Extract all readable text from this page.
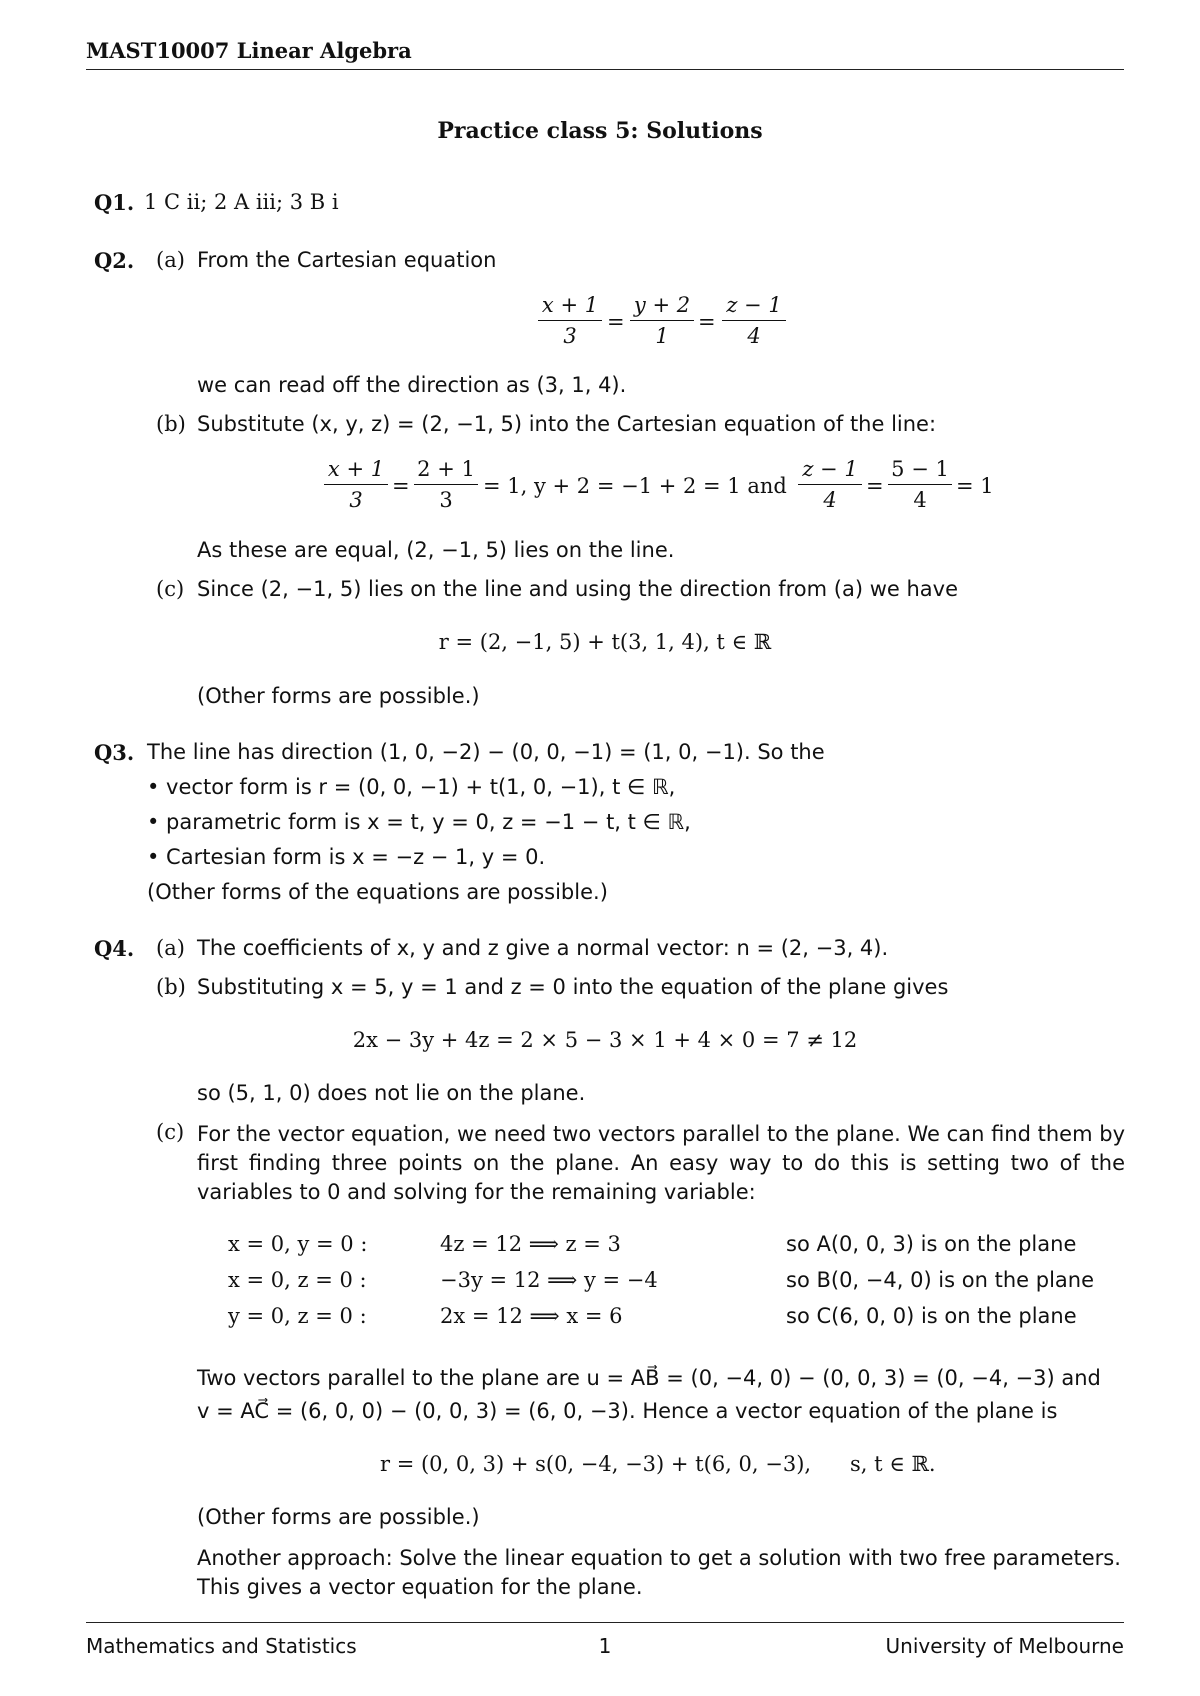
MAST10007 Linear Algebra
Practice class 5: Solutions
Q1. 1 C ii; 2 A iii; 3 B i
Q2. (a) From the Cartesian equation
x + 1
3
=
y + 2
1
=
z − 1
4
we can read off the direction as (3, 1, 4).
(b) Substitute (x, y, z) = (2, −1, 5) into the Cartesian equation of the line:
x + 1
3
=
2 + 1
3
= 1, y + 2 = −1 + 2 = 1 and
z − 1
4
=
5 − 1
4
= 1
As these are equal, (2, −1, 5) lies on the line.
(c) Since (2, −1, 5) lies on the line and using the direction from (a) we have
r = (2, −1, 5) + t(3, 1, 4), t ∈ ℝ
(Other forms are possible.)
Q3. The line has direction (1, 0, −2) − (0, 0, −1) = (1, 0, −1). So the
• vector form is r = (0, 0, −1) + t(1, 0, −1), t ∈ ℝ,
• parametric form is x = t, y = 0, z = −1 − t, t ∈ ℝ,
• Cartesian form is x = −z − 1, y = 0.
(Other forms of the equations are possible.)
Q4. (a) The coefficients of x, y and z give a normal vector: n = (2, −3, 4).
(b) Substituting x = 5, y = 1 and z = 0 into the equation of the plane gives
2x − 3y + 4z = 2 × 5 − 3 × 1 + 4 × 0 = 7 ≠ 12
so (5, 1, 0) does not lie on the plane.
(c) For the vector equation, we need two vectors parallel to the plane. We can find them by first finding three points on the plane. An easy way to do this is setting two of the variables to 0 and solving for the remaining variable:
x = 0, y = 0 :	4z = 12 ⟹ z = 3	so A(0, 0, 3) is on the plane
x = 0, z = 0 :	−3y = 12 ⟹ y = −4	so B(0, −4, 0) is on the plane
y = 0, z = 0 :	2x = 12 ⟹ x = 6	so C(6, 0, 0) is on the plane
Two vectors parallel to the plane are u = AB⃗ = (0, −4, 0) − (0, 0, 3) = (0, −4, −3) and
v = AC⃗ = (6, 0, 0) − (0, 0, 3) = (6, 0, −3). Hence a vector equation of the plane is
r = (0, 0, 3) + s(0, −4, −3) + t(6, 0, −3), s, t ∈ ℝ.
(Other forms are possible.)
Another approach: Solve the linear equation to get a solution with two free parameters. This gives a vector equation for the plane.
Mathematics and Statistics	1	University of Melbourne
